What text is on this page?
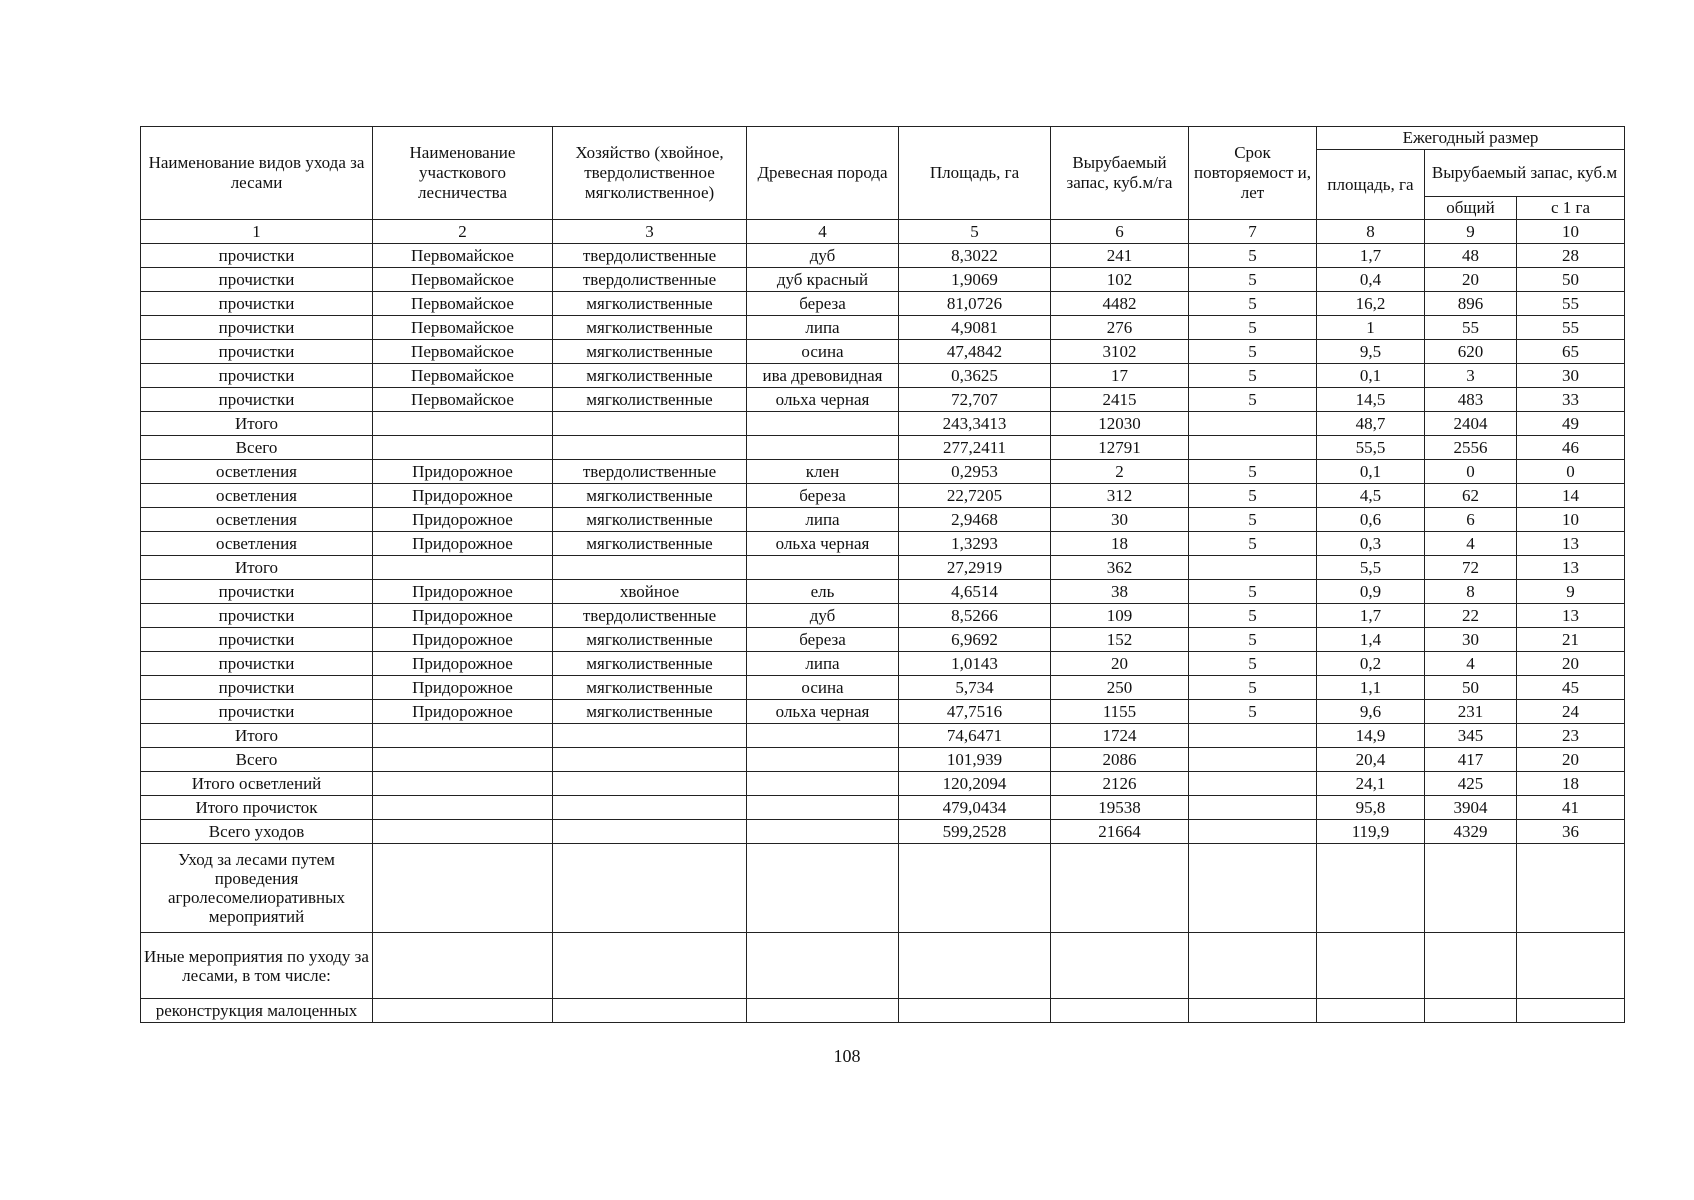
Наименование видов ухода за лесами	Наименование участкового лесничества	Хозяйство (хвойное, твердолиственное мягколиственное)	Древесная порода	Площадь, га	Вырубаемый запас, куб.м/га	Срок повторяемост и, лет	Ежегодный размер		
							площадь, га	Вырубаемый запас, куб.м	
								общий	с 1 га
1	2	3	4	5	6	7	8	9	10
прочистки	Первомайское	твердолиственные	дуб	8,3022	241	5	1,7	48	28
прочистки	Первомайское	твердолиственные	дуб красный	1,9069	102	5	0,4	20	50
прочистки	Первомайское	мягколиственные	береза	81,0726	4482	5	16,2	896	55
прочистки	Первомайское	мягколиственные	липа	4,9081	276	5	1	55	55
прочистки	Первомайское	мягколиственные	осина	47,4842	3102	5	9,5	620	65
прочистки	Первомайское	мягколиственные	ива древовидная	0,3625	17	5	0,1	3	30
прочистки	Первомайское	мягколиственные	ольха черная	72,707	2415	5	14,5	483	33
Итого				243,3413	12030		48,7	2404	49
Всего				277,2411	12791		55,5	2556	46
осветления	Придорожное	твердолиственные	клен	0,2953	2	5	0,1	0	0
осветления	Придорожное	мягколиственные	береза	22,7205	312	5	4,5	62	14
осветления	Придорожное	мягколиственные	липа	2,9468	30	5	0,6	6	10
осветления	Придорожное	мягколиственные	ольха черная	1,3293	18	5	0,3	4	13
Итого				27,2919	362		5,5	72	13
прочистки	Придорожное	хвойное	ель	4,6514	38	5	0,9	8	9
прочистки	Придорожное	твердолиственные	дуб	8,5266	109	5	1,7	22	13
прочистки	Придорожное	мягколиственные	береза	6,9692	152	5	1,4	30	21
прочистки	Придорожное	мягколиственные	липа	1,0143	20	5	0,2	4	20
прочистки	Придорожное	мягколиственные	осина	5,734	250	5	1,1	50	45
прочистки	Придорожное	мягколиственные	ольха черная	47,7516	1155	5	9,6	231	24
Итого				74,6471	1724		14,9	345	23
Всего				101,939	2086		20,4	417	20
Итого осветлений				120,2094	2126		24,1	425	18
Итого прочисток				479,0434	19538		95,8	3904	41
Всего уходов				599,2528	21664		119,9	4329	36
Уход за лесами путем проведения агролесомелиоративных мероприятий									
Иные мероприятия по уходу за лесами, в том числе:									
реконструкция малоценных									
108
